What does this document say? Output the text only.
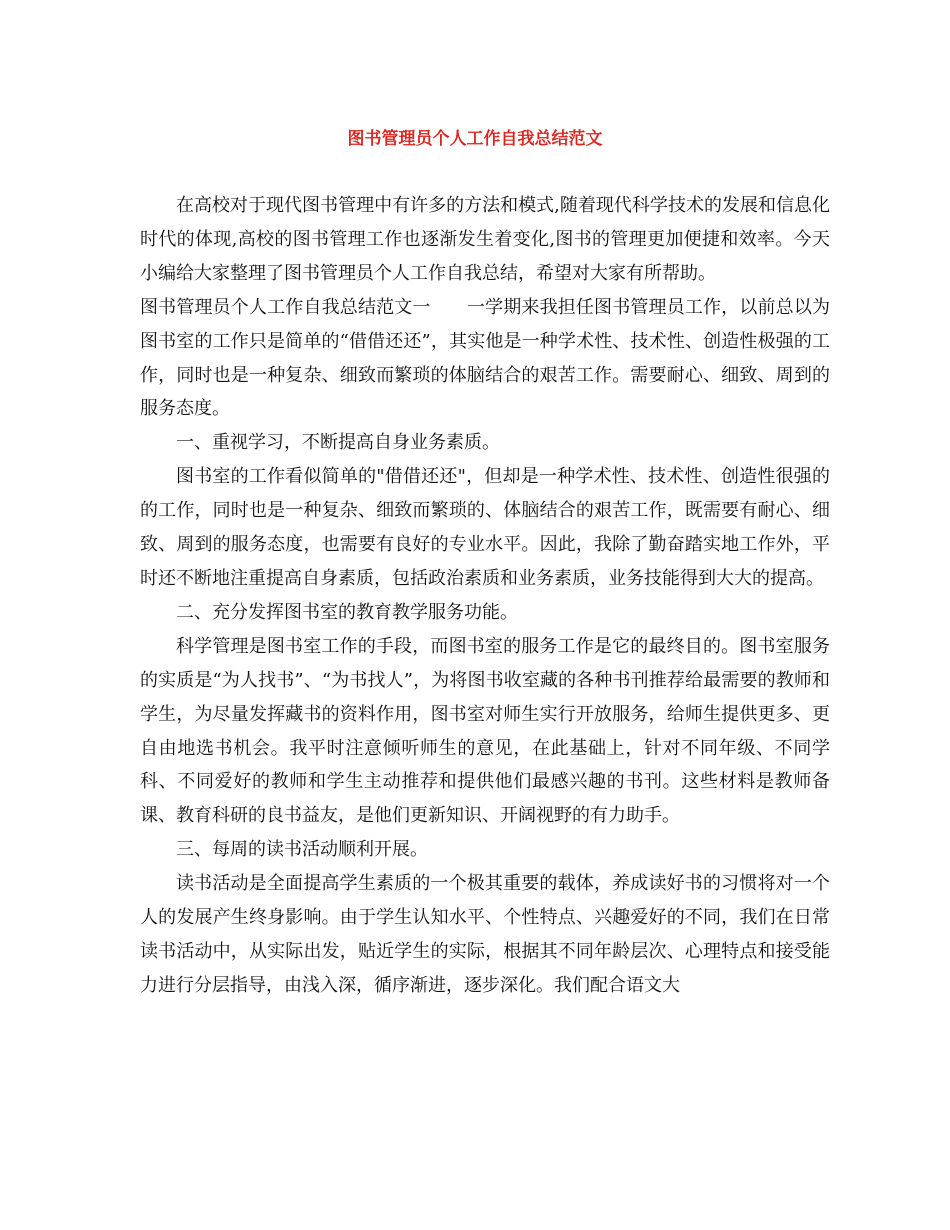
图书管理员个人工作自我总结范文

在高校对于现代图书管理中有许多的方法和模式,随着现代科学技术的发展和信息化时代的体现,高校的图书管理工作也逐渐发生着变化,图书的管理更加便捷和效率。今天小编给大家整理了图书管理员个人工作自我总结，希望对大家有所帮助。

图书管理员个人工作自我总结范文一　　一学期来我担任图书管理员工作，以前总以为图书室的工作只是简单的“借借还还”，其实他是一种学术性、技术性、创造性极强的工作，同时也是一种复杂、细致而繁琐的体脑结合的艰苦工作。需要耐心、细致、周到的服务态度。

一、重视学习，不断提高自身业务素质。

图书室的工作看似简单的"借借还还"，但却是一种学术性、技术性、创造性很强的的工作，同时也是一种复杂、细致而繁琐的、体脑结合的艰苦工作，既需要有耐心、细致、周到的服务态度，也需要有良好的专业水平。因此，我除了勤奋踏实地工作外，平时还不断地注重提高自身素质，包括政治素质和业务素质，业务技能得到大大的提高。

二、充分发挥图书室的教育教学服务功能。

科学管理是图书室工作的手段，而图书室的服务工作是它的最终目的。图书室服务的实质是“为人找书”、“为书找人”，为将图书收室藏的各种书刊推荐给最需要的教师和学生，为尽量发挥藏书的资料作用，图书室对师生实行开放服务，给师生提供更多、更自由地选书机会。我平时注意倾听师生的意见，在此基础上，针对不同年级、不同学科、不同爱好的教师和学生主动推荐和提供他们最感兴趣的书刊。这些材料是教师备课、教育科研的良书益友，是他们更新知识、开阔视野的有力助手。

三、每周的读书活动顺利开展。

读书活动是全面提高学生素质的一个极其重要的载体，养成读好书的习惯将对一个人的发展产生终身影响。由于学生认知水平、个性特点、兴趣爱好的不同，我们在日常读书活动中，从实际出发，贴近学生的实际，根据其不同年龄层次、心理特点和接受能力进行分层指导，由浅入深，循序渐进，逐步深化。我们配合语文大
